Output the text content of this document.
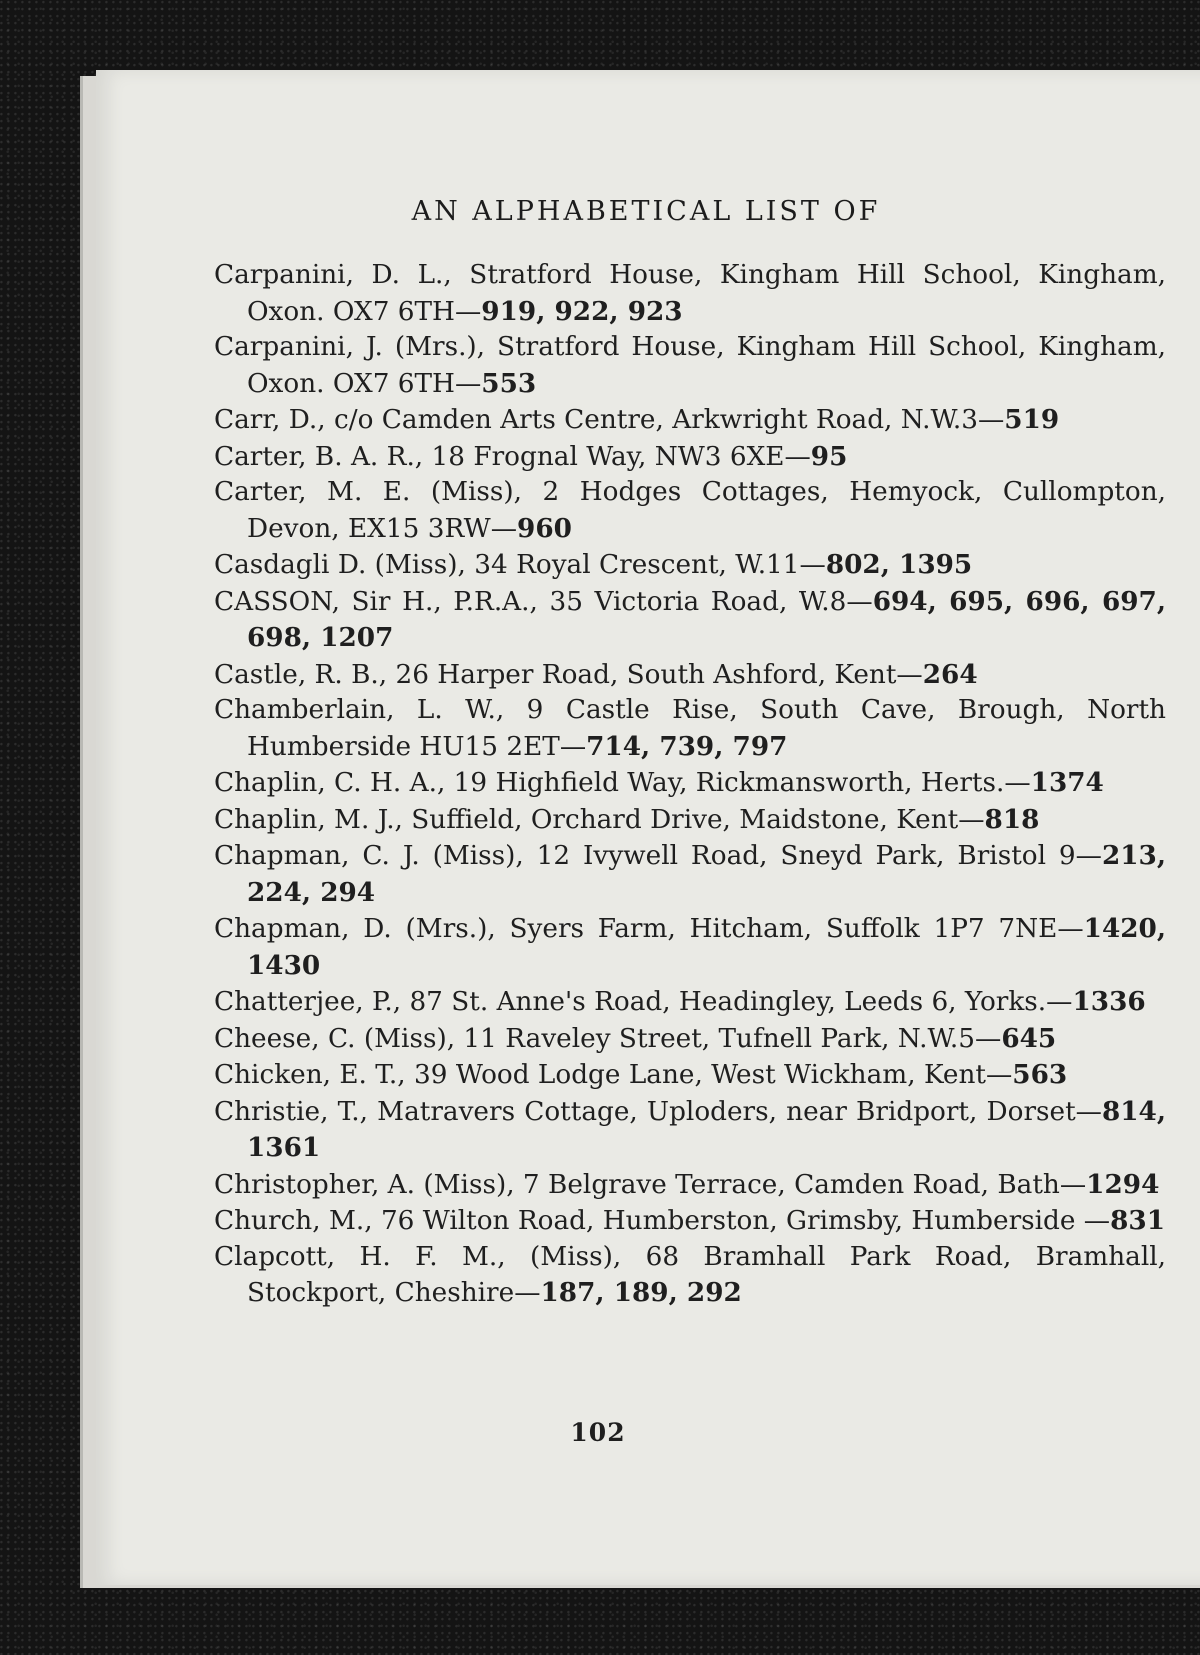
AN ALPHABETICAL LIST OF
Carpanini, D. L., Stratford House, Kingham Hill School, Kingham, Oxon. OX7 6TH—919, 922, 923
Carpanini, J. (Mrs.), Stratford House, Kingham Hill School, Kingham, Oxon. OX7 6TH—553
Carr, D., c/o Camden Arts Centre, Arkwright Road, N.W.3—519
Carter, B. A. R., 18 Frognal Way, NW3 6XE—95
Carter, M. E. (Miss), 2 Hodges Cottages, Hemyock, Cullompton, Devon, EX15 3RW—960
Casdagli D. (Miss), 34 Royal Crescent, W.11—802, 1395
CASSON, Sir H., P.R.A., 35 Victoria Road, W.8—694, 695, 696, 697, 698, 1207
Castle, R. B., 26 Harper Road, South Ashford, Kent—264
Chamberlain, L. W., 9 Castle Rise, South Cave, Brough, North Humberside HU15 2ET—714, 739, 797
Chaplin, C. H. A., 19 Highfield Way, Rickmansworth, Herts.—1374
Chaplin, M. J., Suffield, Orchard Drive, Maidstone, Kent—818
Chapman, C. J. (Miss), 12 Ivywell Road, Sneyd Park, Bristol 9—213, 224, 294
Chapman, D. (Mrs.), Syers Farm, Hitcham, Suffolk 1P7 7NE—1420, 1430
Chatterjee, P., 87 St. Anne's Road, Headingley, Leeds 6, Yorks.—1336
Cheese, C. (Miss), 11 Raveley Street, Tufnell Park, N.W.5—645
Chicken, E. T., 39 Wood Lodge Lane, West Wickham, Kent—563
Christie, T., Matravers Cottage, Uploders, near Bridport, Dorset—814, 1361
Christopher, A. (Miss), 7 Belgrave Terrace, Camden Road, Bath—1294
Church, M., 76 Wilton Road, Humberston, Grimsby, Humberside —831
Clapcott, H. F. M., (Miss), 68 Bramhall Park Road, Bramhall, Stockport, Cheshire—187, 189, 292
102
